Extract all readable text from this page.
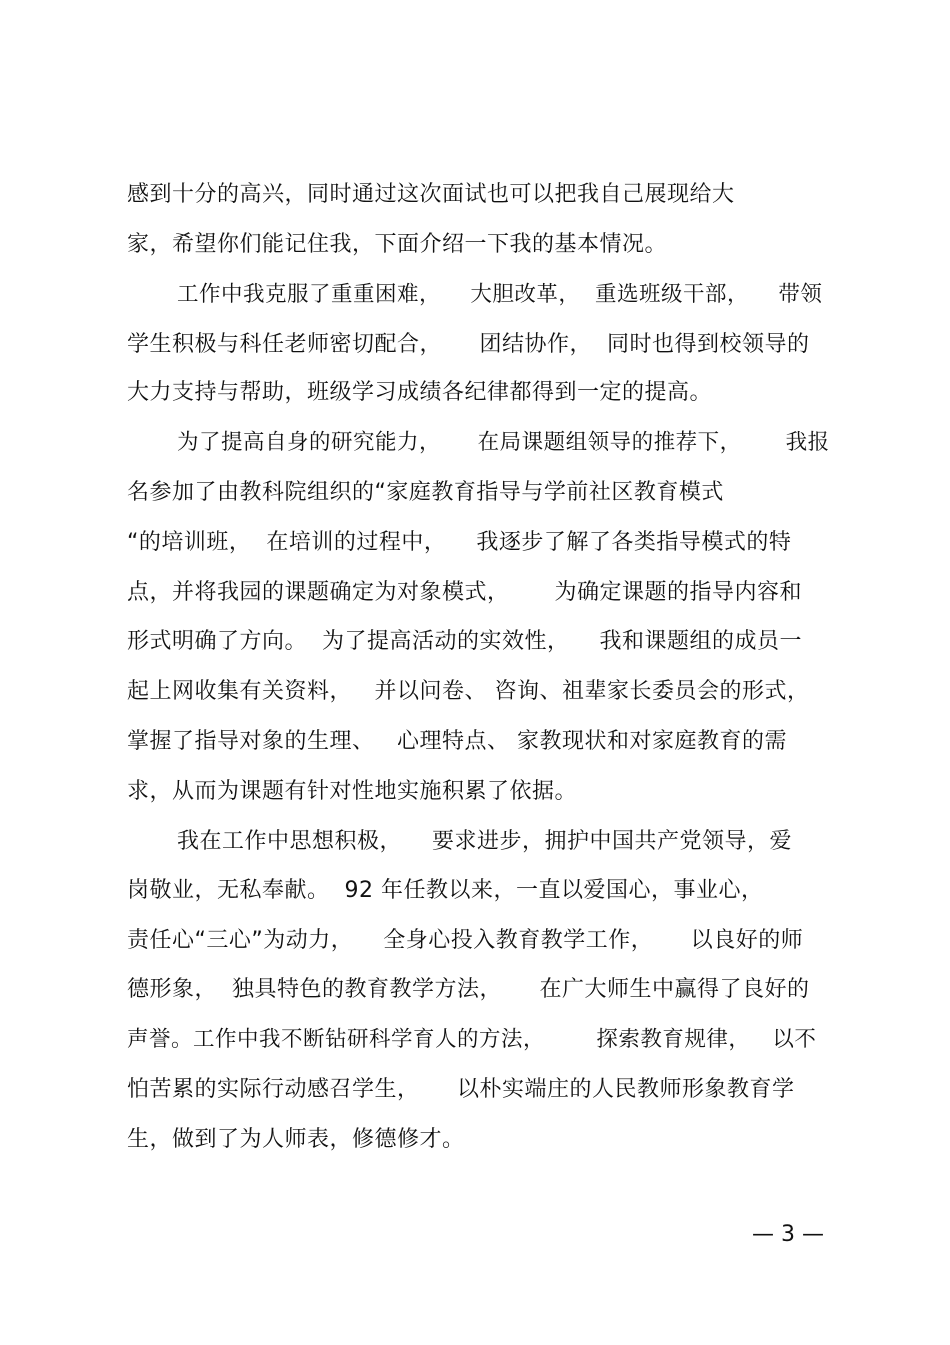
感到十分的高兴，同时通过这次面试也可以把我自己展现给大
家，希望你们能记住我，下面介绍一下我的基本情况。
工作中我克服了重重困难，    大胆改革，  重选班级干部，    带领
学生积极与科任老师密切配合，     团结协作，  同时也得到校领导的
大力支持与帮助，班级学习成绩各纪律都得到一定的提高。
为了提高自身的研究能力，     在局课题组领导的推荐下，      我报
名参加了由教科院组织的“家庭教育指导与学前社区教育模式
“的培训班，  在培训的过程中，    我逐步了解了各类指导模式的特
点，并将我园的课题确定为对象模式，      为确定课题的指导内容和
形式明确了方向。  为了提高活动的实效性，    我和课题组的成员一
起上网收集有关资料，   并以问卷、 咨询、祖辈家长委员会的形式，
掌握了指导对象的生理、   心理特点、 家教现状和对家庭教育的需
求，从而为课题有针对性地实施积累了依据。
我在工作中思想积极，    要求进步，拥护中国共产党领导，爱
岗敬业，无私奉献。  92 年任教以来，一直以爱国心，事业心，
责任心“三心”为动力，    全身心投入教育教学工作，     以良好的师
德形象，  独具特色的教育教学方法，     在广大师生中赢得了良好的
声誉。工作中我不断钻研科学育人的方法，       探索教育规律，   以不
怕苦累的实际行动感召学生，     以朴实端庄的人民教师形象教育学
生，做到了为人师表，修德修才。
— 3 —
